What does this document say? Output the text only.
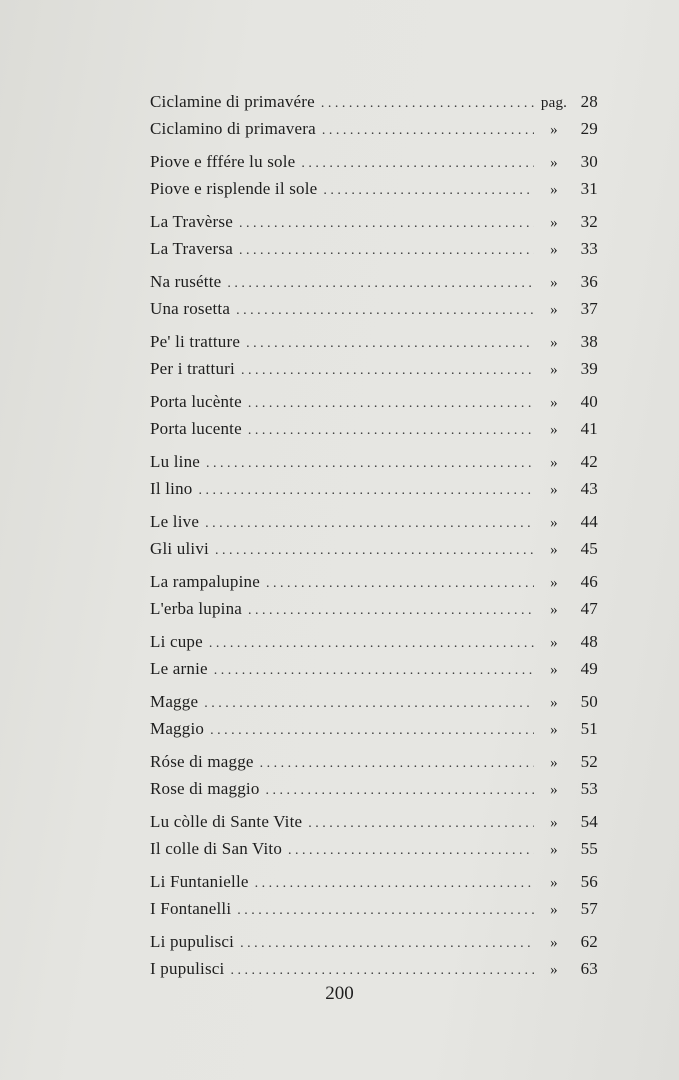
Ciclamine di primavére . . .	pag. 28
Ciclamino di primavera . . .	»	29
Piove e fffére lu sole . . .	»	30
Piove e risplende il sole . . .	»	31
La Travèrse . . .	»	32
La Traversa . . .	»	33
Na rusétte . . .	»	36
Una rosetta . . .	»	37
Pe' li tratture . . .	»	38
Per i tratturi . . .	»	39
Porta lucènte . . .	»	40
Porta lucente . . .	»	41
Lu line . . .	»	42
Il lino . . .	»	43
Le live . . .	»	44
Gli ulivi . . .	»	45
La rampalupine . . .	»	46
L'erba lupina . . .	»	47
Li cupe . . .	»	48
Le arnie . . .	»	49
Magge . . .	»	50
Maggio . . .	»	51
Róse di magge . . .	»	52
Rose di maggio . . .	»	53
Lu còlle di Sante Vite . . .	»	54
Il colle di San Vito . . .	»	55
Li Funtanielle . . .	»	56
I Fontanelli . . .	»	57
Li pupulisci . . .	»	62
I pupulisci . . .	»	63
200
